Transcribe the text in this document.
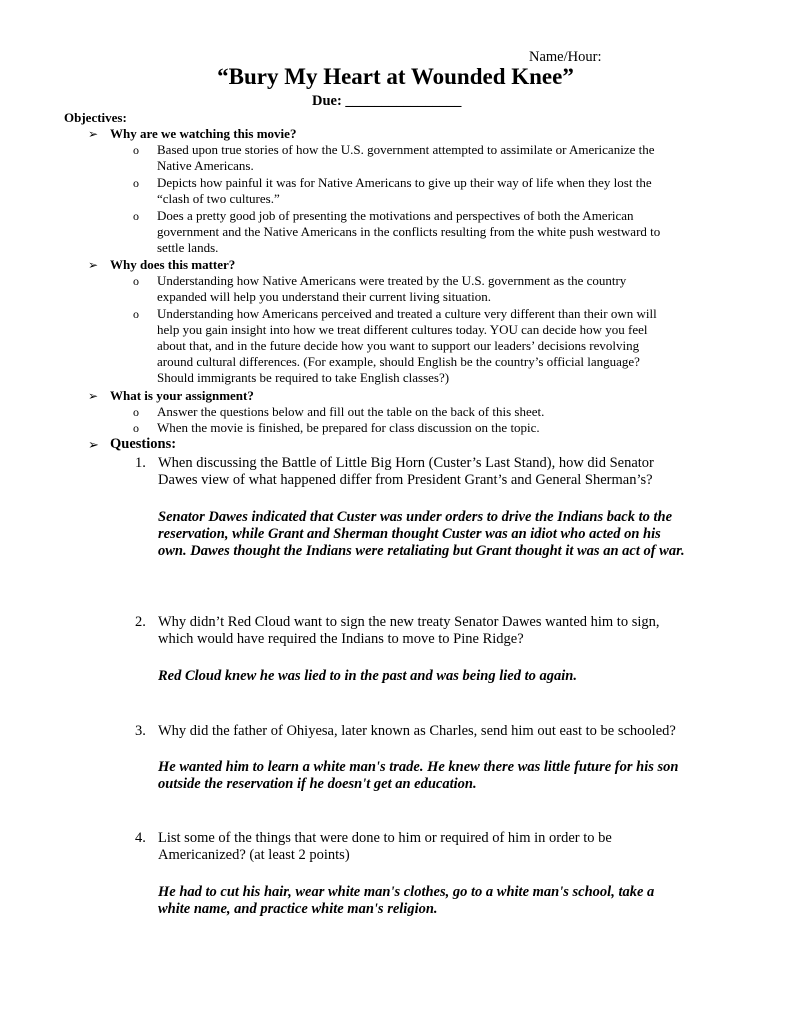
Name/Hour:
“Bury My Heart at Wounded Knee”
Due: ________________
Objectives:
➢ Why are we watching this movie?
o Based upon true stories of how the U.S. government attempted to assimilate or Americanize the
Native Americans.
o Depicts how painful it was for Native Americans to give up their way of life when they lost the
“clash of two cultures.”
o Does a pretty good job of presenting the motivations and perspectives of both the American
government and the Native Americans in the conflicts resulting from the white push westward to
settle lands.
➢ Why does this matter?
o Understanding how Native Americans were treated by the U.S. government as the country
expanded will help you understand their current living situation.
o Understanding how Americans perceived and treated a culture very different than their own will
help you gain insight into how we treat different cultures today. YOU can decide how you feel
about that, and in the future decide how you want to support our leaders’ decisions revolving
around cultural differences. (For example, should English be the country’s official language?
Should immigrants be required to take English classes?)
➢ What is your assignment?
o Answer the questions below and fill out the table on the back of this sheet.
o When the movie is finished, be prepared for class discussion on the topic.
➢ Questions:
1. When discussing the Battle of Little Big Horn (Custer’s Last Stand), how did Senator
Dawes view of what happened differ from President Grant’s and General Sherman’s?
Senator Dawes indicated that Custer was under orders to drive the Indians back to the
reservation, while Grant and Sherman thought Custer was an idiot who acted on his
own. Dawes thought the Indians were retaliating but Grant thought it was an act of war.
2. Why didn’t Red Cloud want to sign the new treaty Senator Dawes wanted him to sign,
which would have required the Indians to move to Pine Ridge?
Red Cloud knew he was lied to in the past and was being lied to again.
3. Why did the father of Ohiyesa, later known as Charles, send him out east to be schooled?
He wanted him to learn a white man's trade. He knew there was little future for his son
outside the reservation if he doesn't get an education.
4. List some of the things that were done to him or required of him in order to be
Americanized? (at least 2 points)
He had to cut his hair, wear white man's clothes, go to a white man's school, take a
white name, and practice white man's religion.
